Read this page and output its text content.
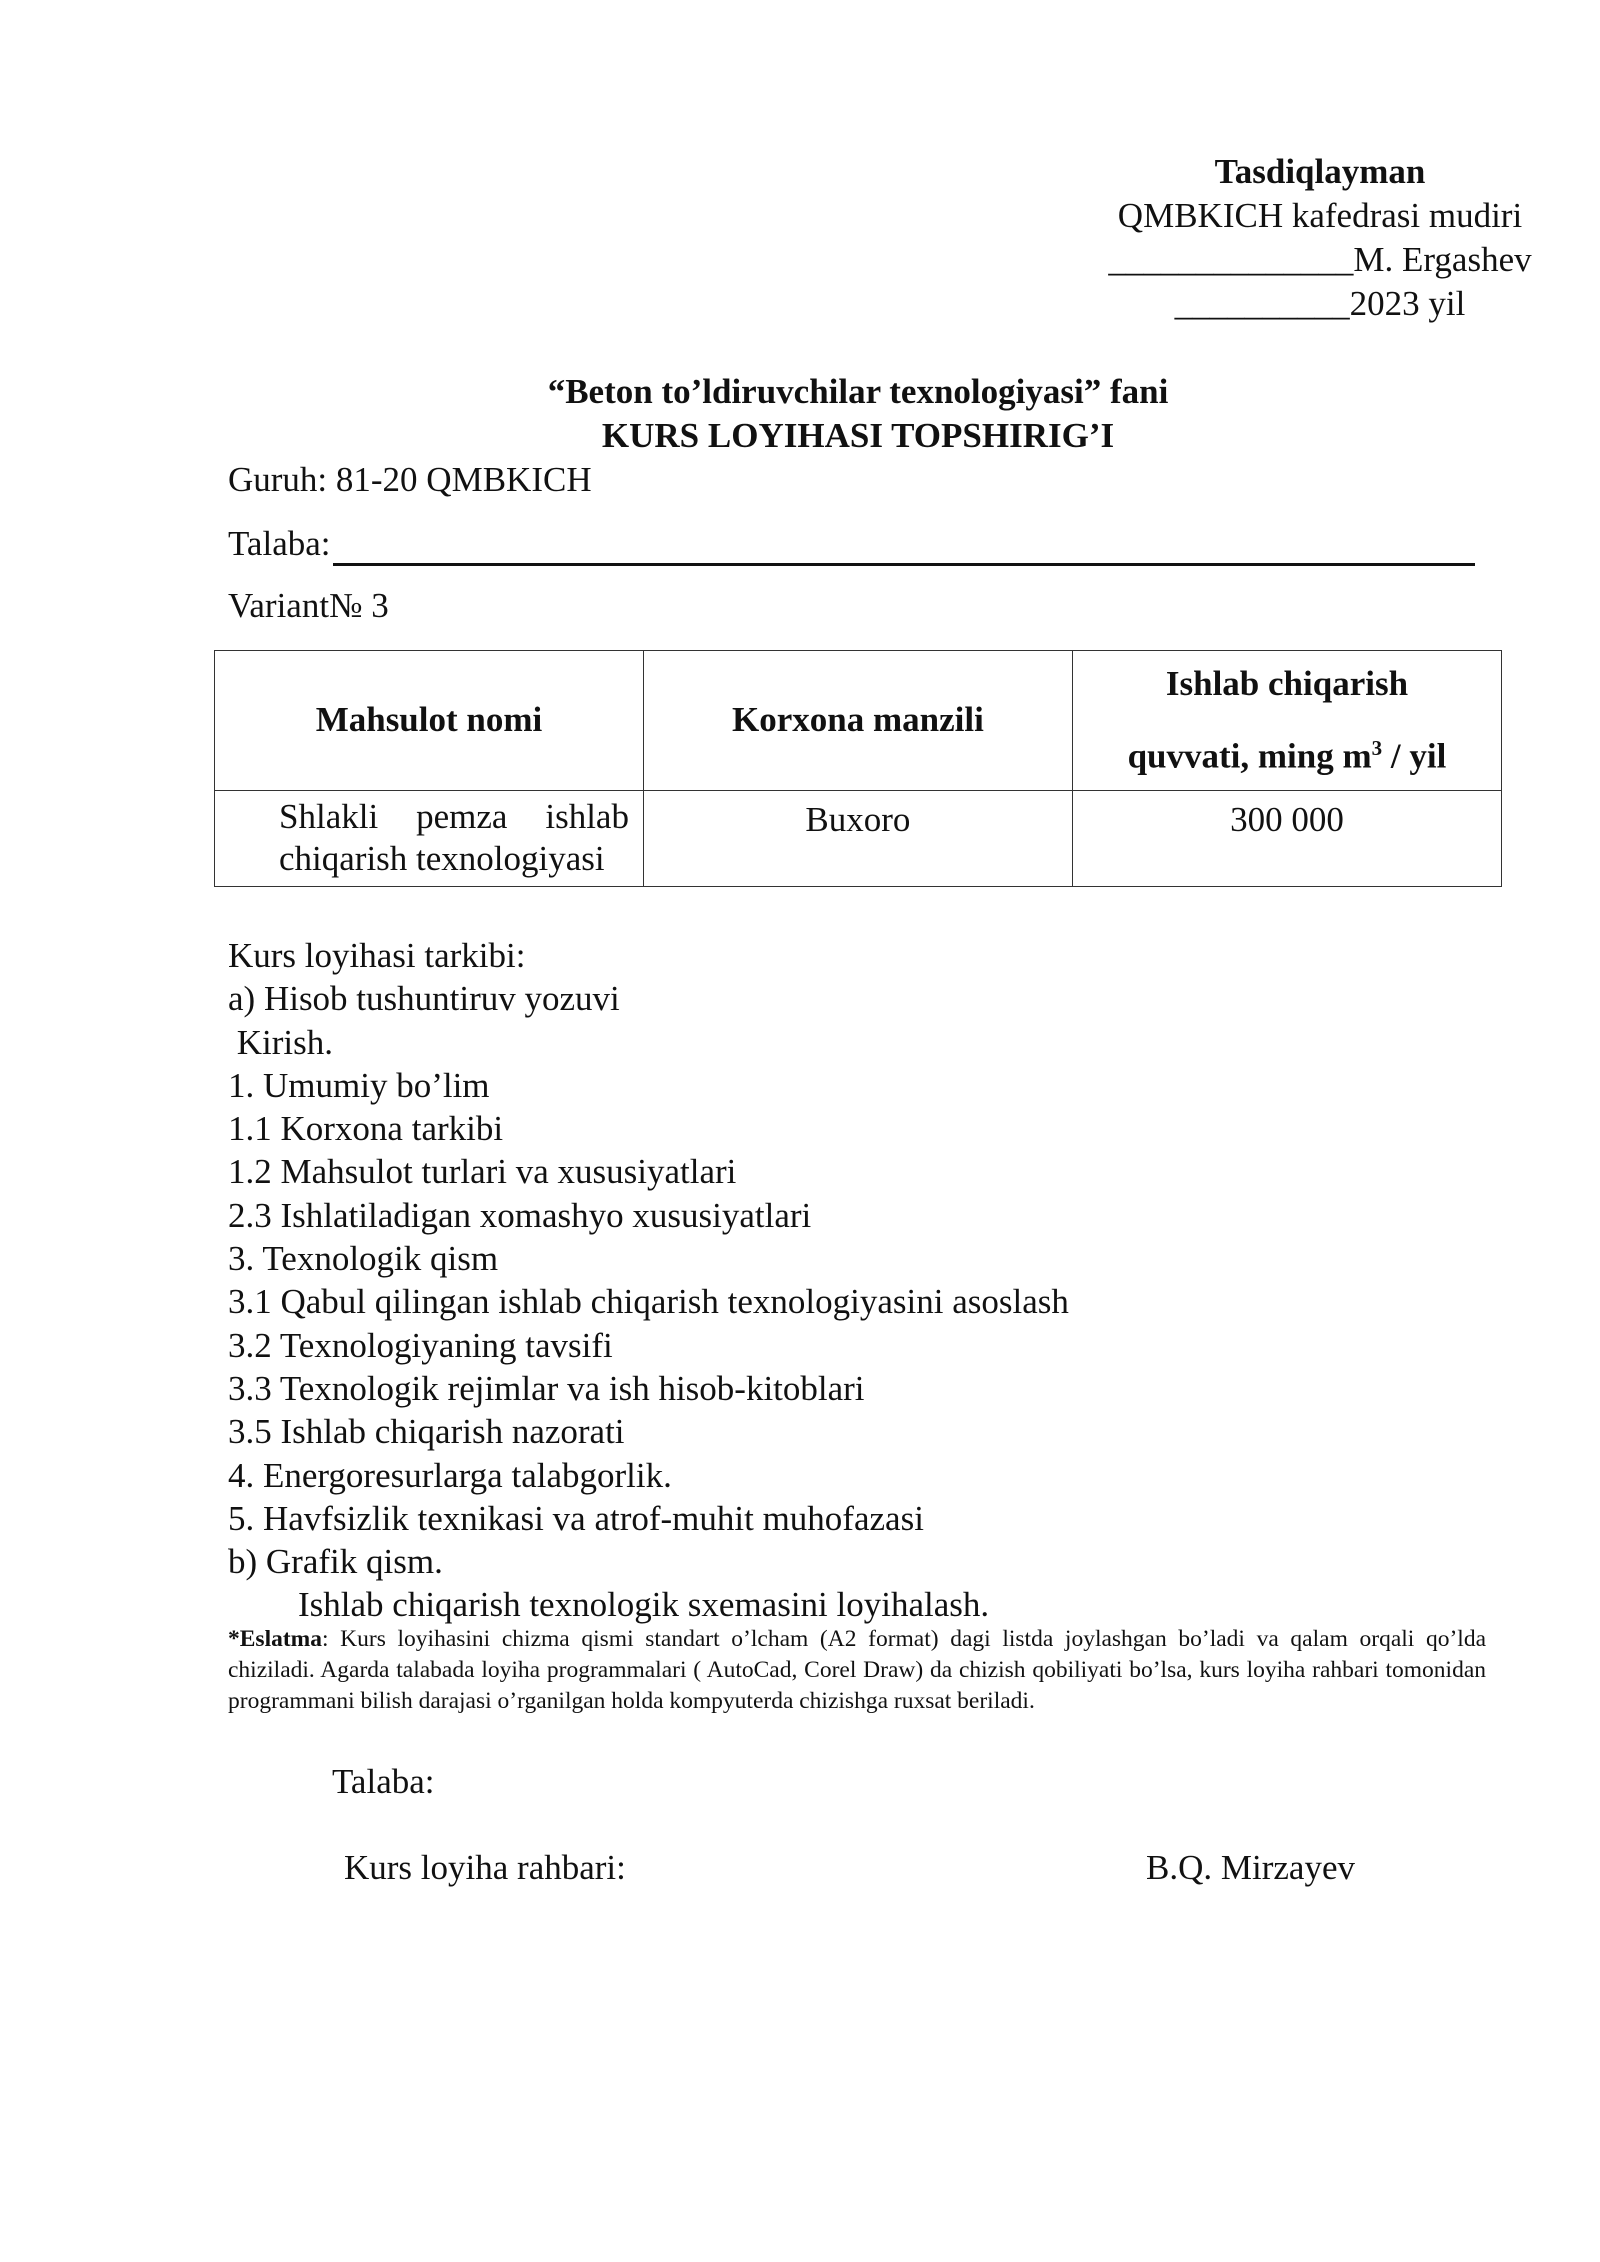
Tasdiqlayman
QMBKICH kafedrasi mudiri
______________M. Ergashev
__________2023 yil
“Beton to’ldiruvchilar texnologiyasi” fani
KURS LOYIHASI TOPSHIRIG’I
Guruh: 81-20 QMBKICH
Talaba:
Variant№ 3
Mahsulot nomi	Korxona manzili	Ishlab chiqarish
quvvati, ming $m^3$ / yil
Shlakli pemza ishlab chiqarish texnologiyasi	Buxoro	300 000
Kurs loyihasi tarkibi:
a) Hisob tushuntiruv yozuvi
Kirish.
1. Umumiy bo’lim
1.1 Korxona tarkibi
1.2 Mahsulot turlari va xususiyatlari
2.3 Ishlatiladigan xomashyo xususiyatlari
3. Texnologik qism
3.1 Qabul qilingan ishlab chiqarish texnologiyasini asoslash
3.2 Texnologiyaning tavsifi
3.3 Texnologik rejimlar va ish hisob-kitoblari
3.5 Ishlab chiqarish nazorati
4. Energoresurlarga talabgorlik.
5. Havfsizlik texnikasi va atrof-muhit muhofazasi
b) Grafik qism.
Ishlab chiqarish texnologik sxemasini loyihalash.
*Eslatma: Kurs loyihasini chizma qismi standart o’lcham (A2 format) dagi listda joylashgan bo’ladi va qalam orqali qo’lda chiziladi. Agarda talabada loyiha programmalari ( AutoCad, Corel Draw) da chizish qobiliyati bo’lsa, kurs loyiha rahbari tomonidan programmani bilish darajasi o’rganilgan holda kompyuterda chizishga ruxsat beriladi.
Talaba:
Kurs loyiha rahbari:	B.Q. Mirzayev
